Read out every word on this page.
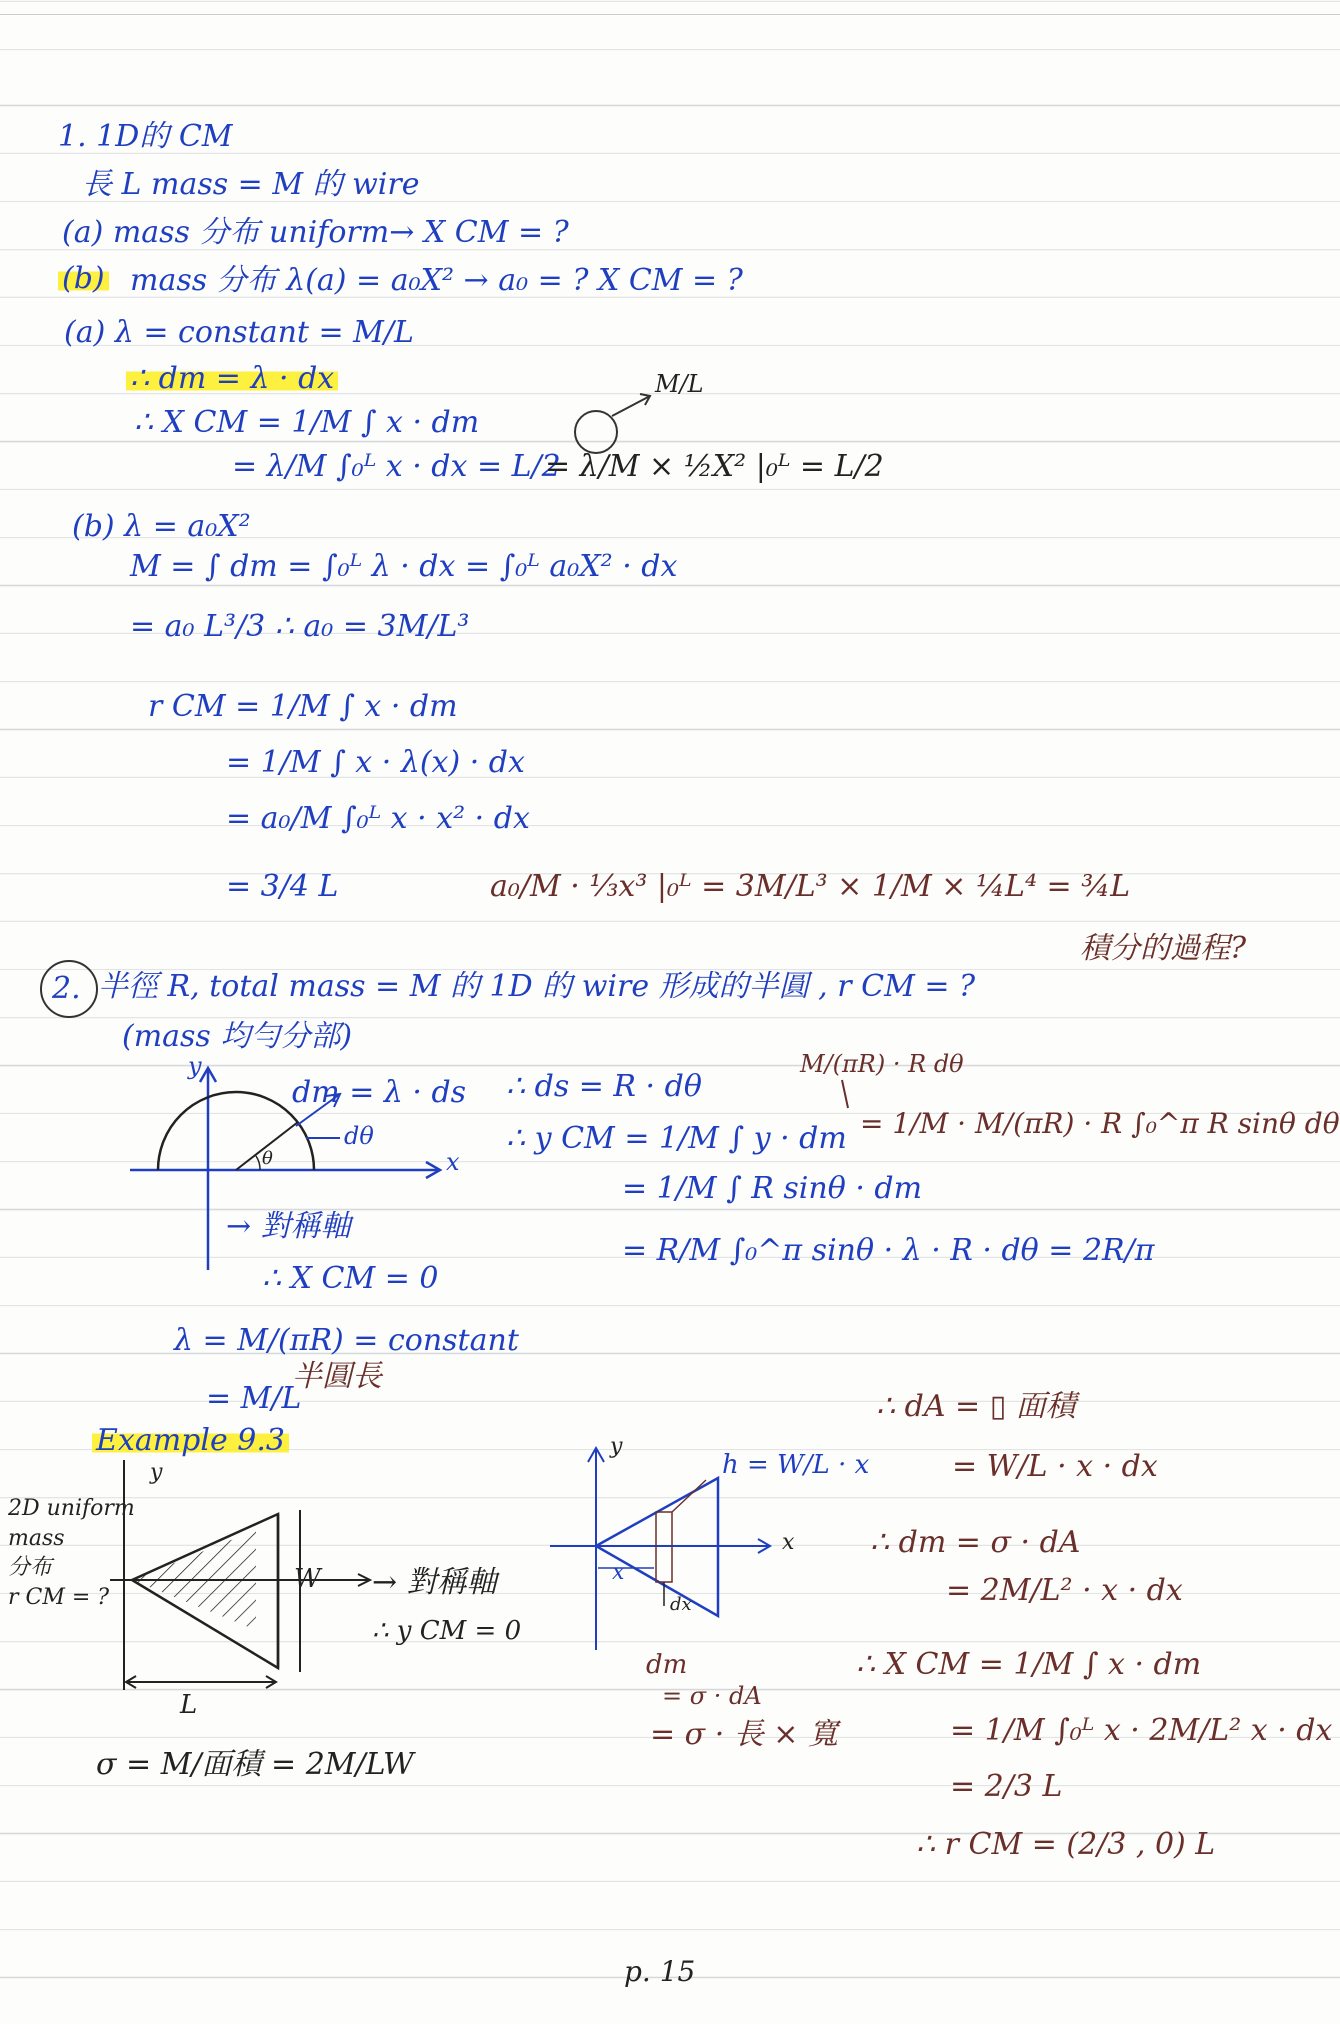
1. 1D的 CM
長 L mass = M 的 wire
(a) mass 分布 uniform→ X CM = ?
(b) mass 分布 λ(a) = a₀X² → a₀ = ? X CM = ?
(a) λ = constant = M/L
∴ dm = λ · dx
∴ X CM = 1/M ∫ x · dm
= λ/M ∫₀ᴸ x · dx = L/2
= λ/M × ½X² |₀ᴸ = L/2
M/L
(b) λ = a₀X²
M = ∫ dm = ∫₀ᴸ λ · dx = ∫₀ᴸ a₀X² · dx
= a₀ L³/3 ∴ a₀ = 3M/L³
r CM = 1/M ∫ x · dm
= 1/M ∫ x · λ(x) · dx
= a₀/M ∫₀ᴸ x · x² · dx
= 3/4 L	a₀/M · ⅓x³ |₀ᴸ = 3M/L³ × 1/M × ¼L⁴ = ¾L
2. 半徑 R, total mass = M 的 1D 的 wire 形成的半圓 , r CM = ?
積分的過程?
(mass 均勻分部)
y
x
dm = λ · ds
dθ
θ
→ 對稱軸
∴ X CM = 0
λ = M/(πR) = constant
半圓長
= M/L
∴ ds = R · dθ
M/(πR) · R dθ
∴ y CM = 1/M ∫ y · dm = 1/M · M/(πR) · R ∫₀^π R sinθ dθ
= 1/M ∫ R sinθ · dm
= R/M ∫₀^π sinθ · λ · R · dθ = 2R/π
Example 9.3
2D uniform
mass
分布
r CM = ?
y
W
L
→ 對稱軸
∴ y CM = 0
σ = M/面積 = 2M/LW
y
x
h = W/L · x
x
dx
dm
= σ · dA
= σ · 長 × 寬
∴ dA = ▯ 面積
= W/L · x · dx
∴ dm = σ · dA
= 2M/L² · x · dx
∴ X CM = 1/M ∫ x · dm
= 1/M ∫₀ᴸ x · 2M/L² x · dx
= 2/3 L
∴ r CM = (2/3 , 0) L
p. 15
